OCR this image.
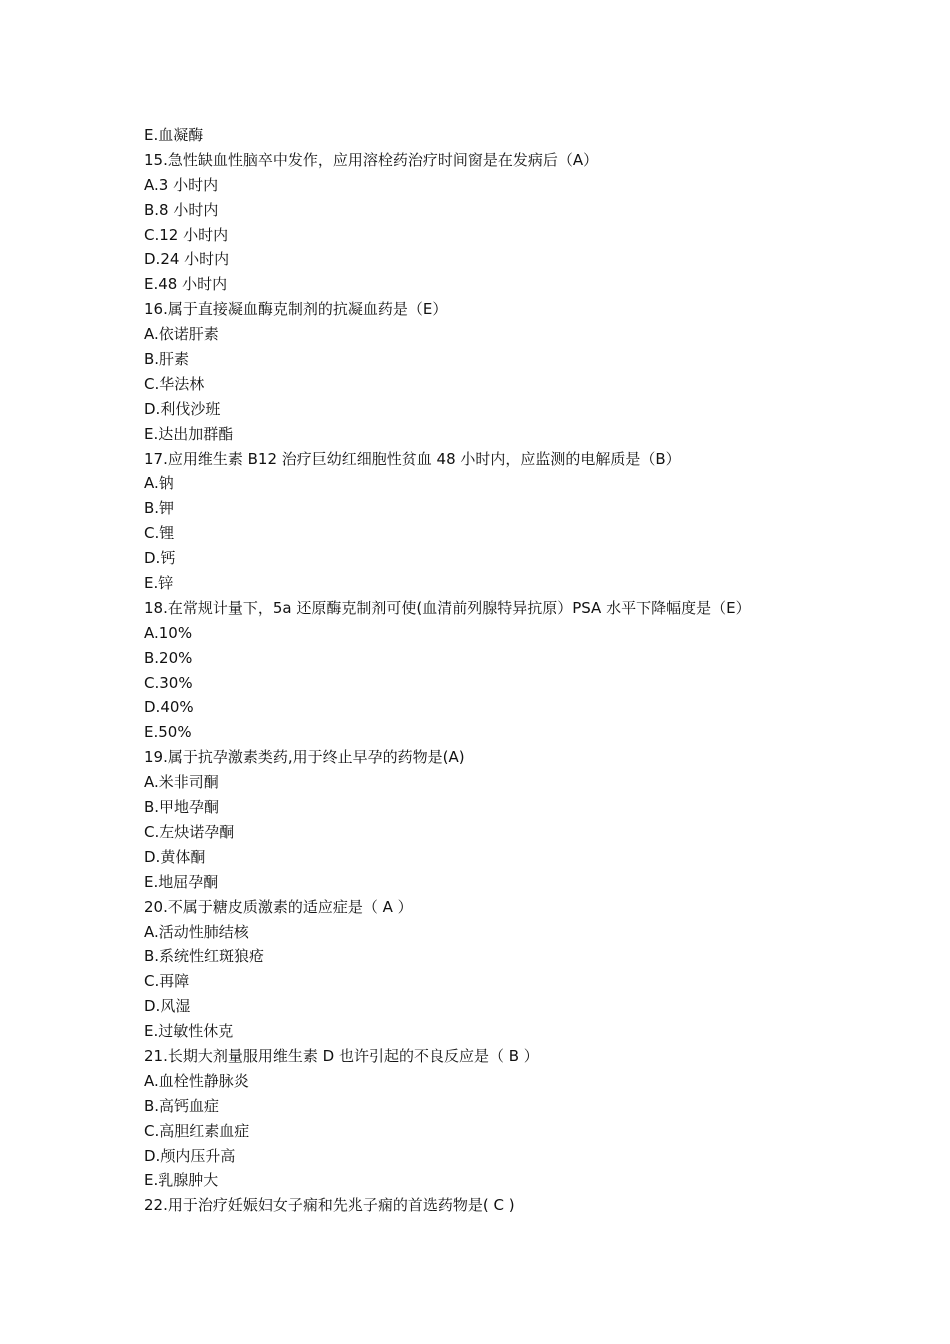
E.血凝酶
15.急性缺血性脑卒中发作，应用溶栓药治疗时间窗是在发病后（A）
A.3 小时内
B.8 小时内
C.12 小时内
D.24 小时内
E.48 小时内
16.属于直接凝血酶克制剂的抗凝血药是（E）
A.依诺肝素
B.肝素
C.华法林
D.利伐沙班
E.达出加群酯
17.应用维生素 B12 治疗巨幼红细胞性贫血 48 小时内，应监测的电解质是（B）
A.钠
B.钾
C.锂
D.钙
E.锌
18.在常规计量下，5a 还原酶克制剂可使(血清前列腺特异抗原）PSA 水平下降幅度是（E）
A.10%
B.20%
C.30%
D.40%
E.50%
19.属于抗孕激素类药,用于终止早孕的药物是(A)
A.米非司酮
B.甲地孕酮
C.左炔诺孕酮
D.黄体酮
E.地屈孕酮
20.不属于糖皮质激素的适应症是（ A ）
A.活动性肺结核
B.系统性红斑狼疮
C.再障
D.风湿
E.过敏性休克
21.长期大剂量服用维生素 D 也许引起的不良反应是（ B ）
A.血栓性静脉炎
B.高钙血症
C.高胆红素血症
D.颅内压升高
E.乳腺肿大
22.用于治疗妊娠妇女子痫和先兆子痫的首选药物是( C )
